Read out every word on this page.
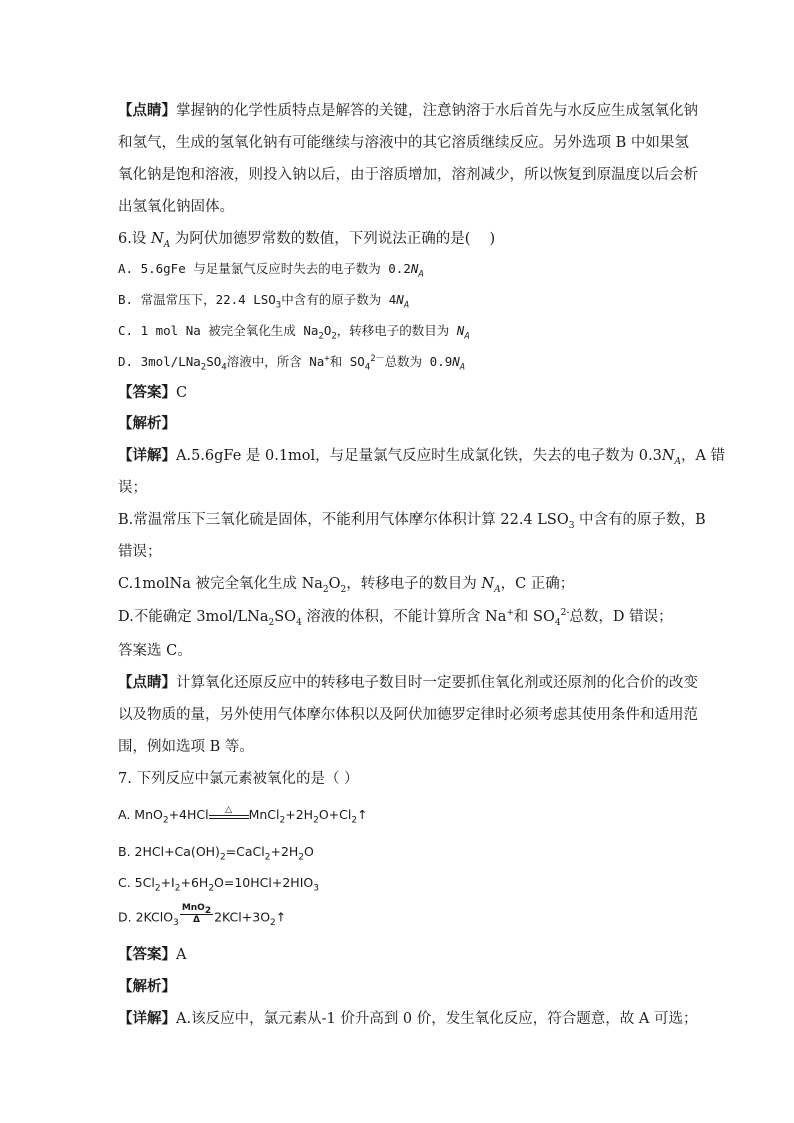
【点睛】掌握钠的化学性质特点是解答的关键，注意钠溶于水后首先与水反应生成氢氧化钠
和氢气，生成的氢氧化钠有可能继续与溶液中的其它溶质继续反应。另外选项 B 中如果氢
氧化钠是饱和溶液，则投入钠以后，由于溶质增加，溶剂减少，所以恢复到原温度以后会析
出氢氧化钠固体。
6.设 $N_A$ 为阿伏加德罗常数的数值，下列说法正确的是(　 )
A. 5.6gFe 与足量氯气反应时失去的电子数为 $0.2N_A$
B. 常温常压下，22.4 $LSO_3$中含有的原子数为 $4N_A$
C. 1 mol Na 被完全氧化生成 $Na_2O_2$，转移电子的数目为 $N_A$
D. $3mol/LNa_2SO_4$溶液中，所含 Na+和 $SO_4^{2-}$总数为 $0.9N_A$
【答案】C
【解析】
【详解】A.5.6gFe 是 0.1mol，与足量氯气反应时生成氯化铁，失去的电子数为 $0.3N_A$，A 错
误；
B.常温常压下三氧化硫是固体，不能利用气体摩尔体积计算 22.4 $LSO_3$ 中含有的原子数，B
错误；
C.1molNa 被完全氧化生成 $Na_2O_2$，转移电子的数目为 $N_A$，C 正确；
D.不能确定 $3mol/LNa_2SO_4$ 溶液的体积，不能计算所含 Na+和 $SO_4^{2-}$总数，D 错误；
答案选 C。
【点睛】计算氧化还原反应中的转移电子数目时一定要抓住氧化剂或还原剂的化合价的改变
以及物质的量，另外使用气体摩尔体积以及阿伏加德罗定律时必须考虑其使用条件和适用范
围，例如选项 B 等。
7. 下列反应中氯元素被氧化的是（ ）
A. MnO$_2$+4HCl	△	$MnCl_2+2H_2O+Cl_2↑$
B. $2HCl+Ca(OH)_2=CaCl_2+2H_2O$
C. $5Cl_2+I_2+6H_2O=10HCl+2HIO_3$
D. 2KClO$_3$ $\frac{MnO_2}{\Delta}$ $2KCl+3O_2↑$
【答案】A
【解析】
【详解】A.该反应中，氯元素从-1 价升高到 0 价，发生氧化反应，符合题意，故 A 可选；
